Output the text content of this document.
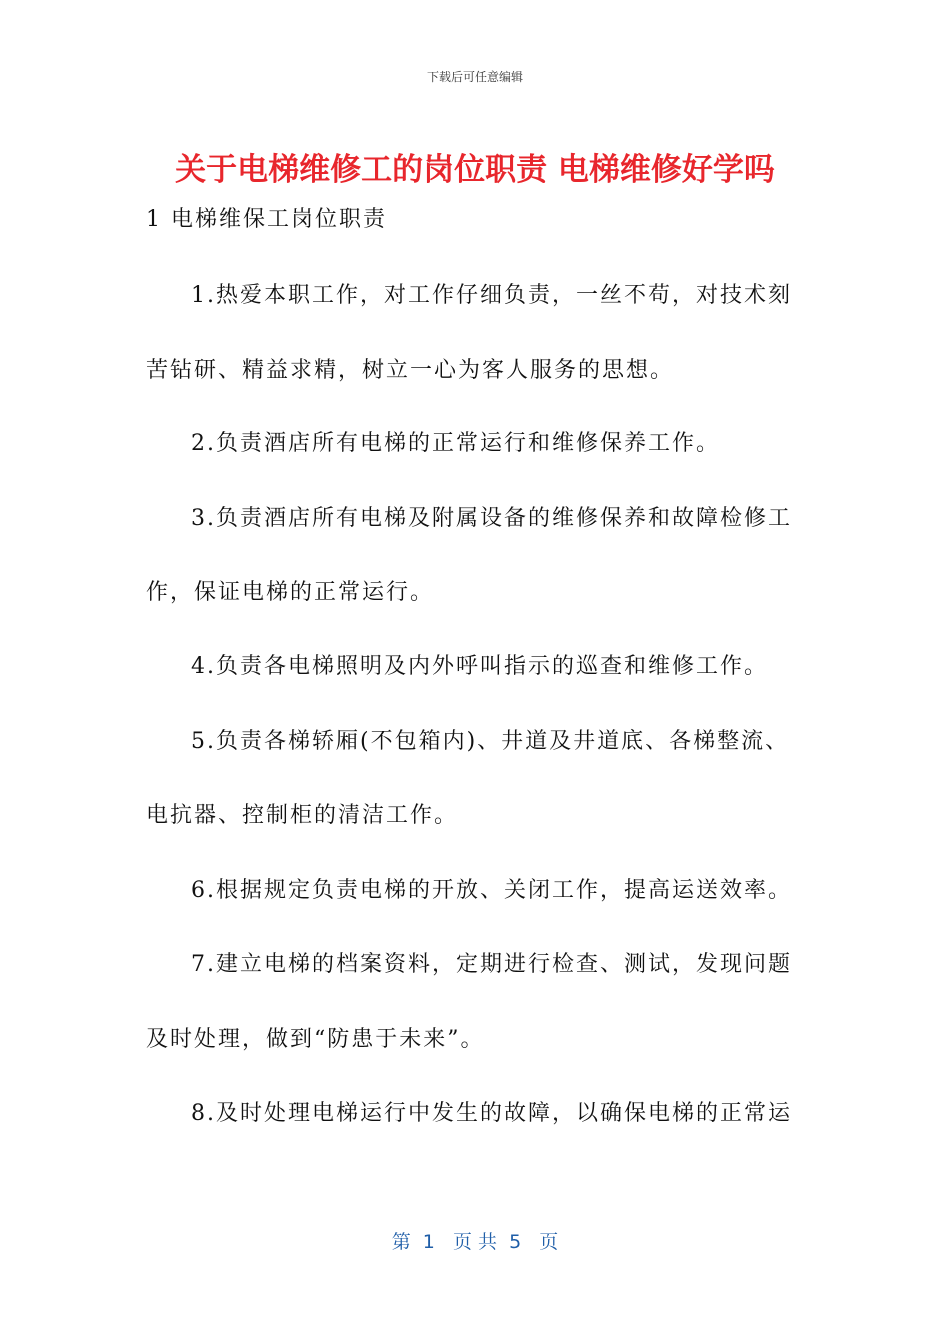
下载后可任意编辑
关于电梯维修工的岗位职责 电梯维修好学吗
1 电梯维保工岗位职责
1.热爱本职工作，对工作仔细负责，一丝不苟，对技术刻
苦钻研、精益求精，树立一心为客人服务的思想。
2.负责酒店所有电梯的正常运行和维修保养工作。
3.负责酒店所有电梯及附属设备的维修保养和故障检修工
作，保证电梯的正常运行。
4.负责各电梯照明及内外呼叫指示的巡查和维修工作。
5.负责各梯轿厢(不包箱内)、井道及井道底、各梯整流、
电抗器、控制柜的清洁工作。
6.根据规定负责电梯的开放、关闭工作，提高运送效率。
7.建立电梯的档案资料，定期进行检查、测试，发现问题
及时处理，做到“防患于未来”。
8.及时处理电梯运行中发生的故障，以确保电梯的正常运
第  1   页 共  5   页
